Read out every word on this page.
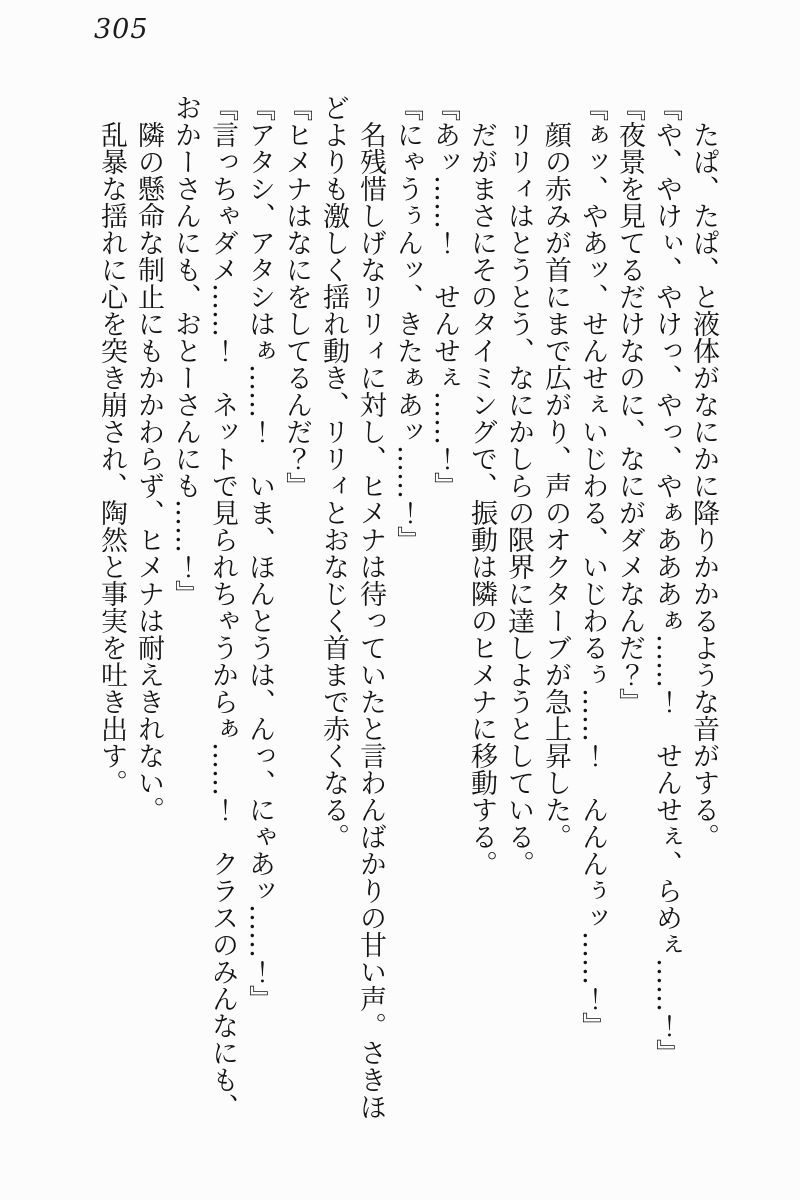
305
たぱ、たぱ、と液体がなにかに降りかかるような音がする。
『や、やけぃ、やけっ、やっ、やぁあああぁ……！　せんせぇ、らめぇ……！』
『夜景を見てるだけなのに、なにがダメなんだ？』
『ぁッ、やあッ、せんせぇいじわる、いじわるぅ……！　んんんぅッ……！』
顔の赤みが首にまで広がり、声のオクターブが急上昇した。
リリィはとうとう、なにかしらの限界に達しようとしている。
だがまさにそのタイミングで、振動は隣のヒメナに移動する。
『あッ……！　せんせぇ……！』
『にゃうぅんッ、きたぁあッ……！』
名残惜しげなリリィに対し、ヒメナは待っていたと言わんばかりの甘い声。さきほ
どよりも激しく揺れ動き、リリィとおなじく首まで赤くなる。
『ヒメナはなにをしてるんだ？』
『アタシ、アタシはぁ……！　いま、ほんとうは、んっ、にゃあッ……！』
『言っちゃダメ……！　ネットで見られちゃうからぁ……！　クラスのみんなにも、
おかーさんにも、おとーさんにも……！』
隣の懸命な制止にもかかわらず、ヒメナは耐えきれない。
乱暴な揺れに心を突き崩され、陶然と事実を吐き出す。
